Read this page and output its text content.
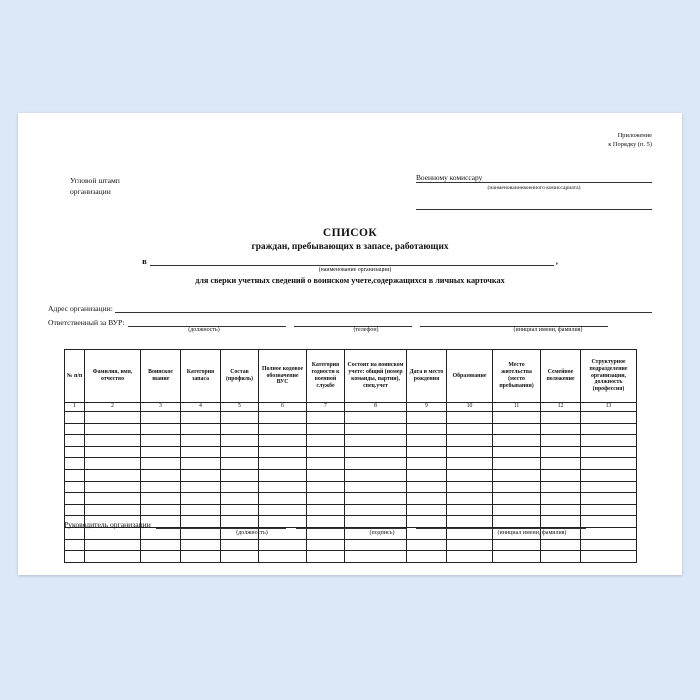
Приложение
к Порядку (п. 5)
Угловой штамп
организации
Военному комиссару
(наименованиевоенного комиссариата)
СПИСОК
граждан, пребывающих в запасе, работающих
в	,
(наименование организации)
для сверки учетных сведений о воинском учете,содержащихся в личных карточках
Адрес организации:
Ответственный за ВУР:
(должность)	(телефон)	(инициал имени, фамилия)
№ п/п	Фамилия, имя, отчество	Воинское звание	Категория запаса	Состав (профиль)	Полное кодовое обозначение ВУС	Категория годности к военной службе	Состоит на воинском учете: общий (номер команды, партии), спец.учет	Дата и место рождения	Образование	Место жительства (место пребывания)	Семейное положение	Структурное подразделение организации, должность (профессия)
1	2	3	4	5	6	7	8	9	10	11	12	13

Руководитель организации
(должность)	(подпись)	(инициал имени, фамилия)
